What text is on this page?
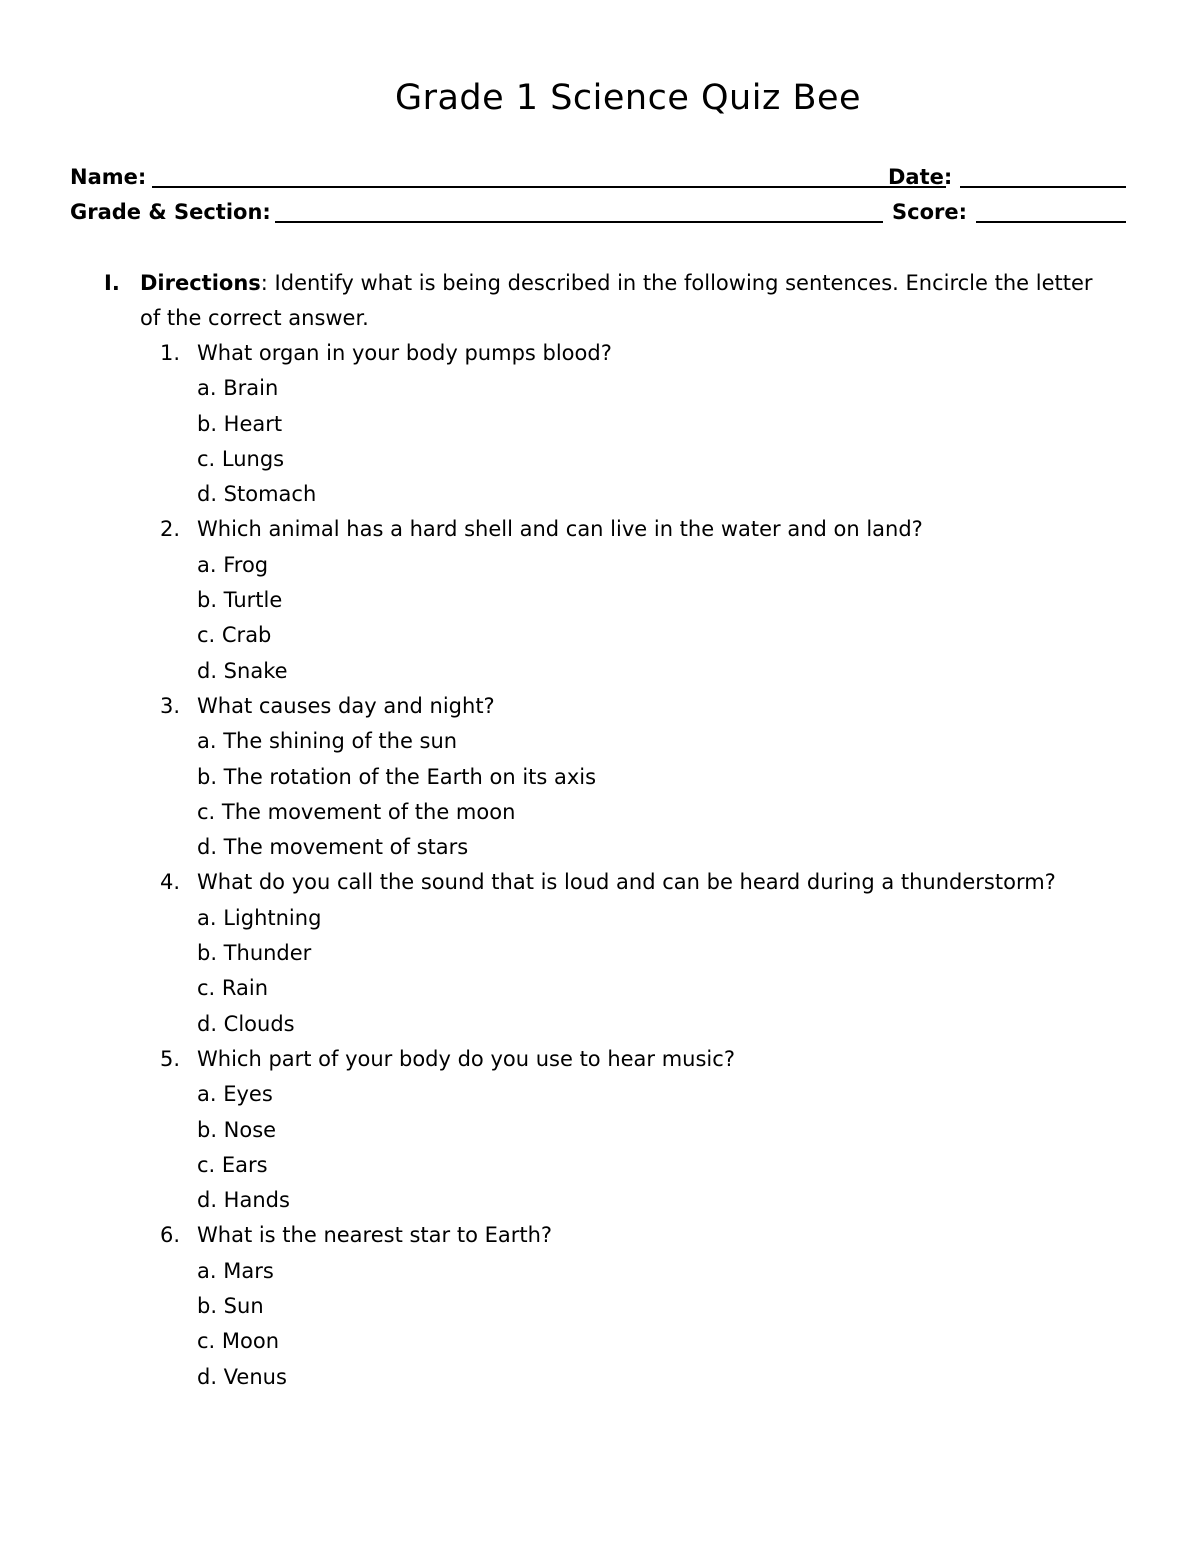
Grade 1 Science Quiz Bee
Name:	Date:
Grade & Section:	Score:
I. Directions: Identify what is being described in the following sentences. Encircle the letter of the correct answer.
1. What organ in your body pumps blood?
a. Brain
b. Heart
c. Lungs
d. Stomach
2. Which animal has a hard shell and can live in the water and on land?
a. Frog
b. Turtle
c. Crab
d. Snake
3. What causes day and night?
a. The shining of the sun
b. The rotation of the Earth on its axis
c. The movement of the moon
d. The movement of stars
4. What do you call the sound that is loud and can be heard during a thunderstorm?
a. Lightning
b. Thunder
c. Rain
d. Clouds
5. Which part of your body do you use to hear music?
a. Eyes
b. Nose
c. Ears
d. Hands
6. What is the nearest star to Earth?
a. Mars
b. Sun
c. Moon
d. Venus
